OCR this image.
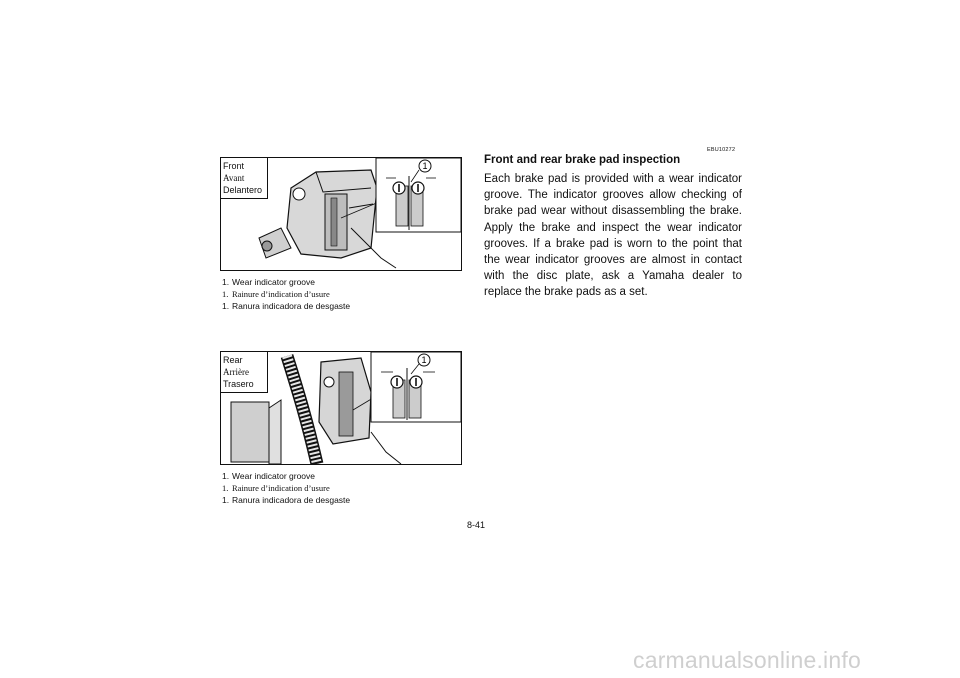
1
Front
Avant
Delantero
1. Wear indicator groove
1. Rainure d’indication d’usure
1. Ranura indicadora de desgaste
1
Rear
Arrière
Trasero
1. Wear indicator groove
1. Rainure d’indication d’usure
1. Ranura indicadora de desgaste
EBU10272
Front and rear brake pad inspection
Each brake pad is provided with a wear indicator groove. The indicator grooves allow checking of brake pad wear without disassembling the brake. Apply the brake and inspect the wear indicator grooves. If a brake pad is worn to the point that the wear indicator grooves are almost in contact with the disc plate, ask a Yamaha dealer to replace the brake pads as a set.
8-41
carmanualsonline.info
